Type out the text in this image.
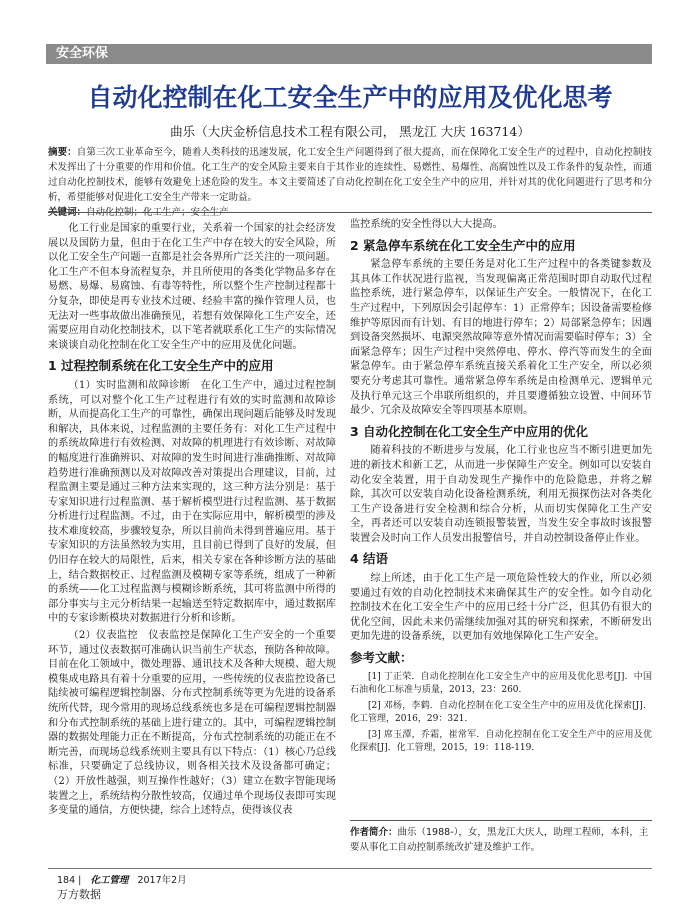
安全环保
自动化控制在化工安全生产中的应用及优化思考
曲乐（大庆金桥信息技术工程有限公司， 黑龙江 大庆 163714）
摘要：自第三次工业革命至今，随着人类科技的迅速发展，化工安全生产问题得到了很大提高，而在保障化工安全生产的过程中，自动化控制技术发挥出了十分重要的作用和价值。化工生产的安全风险主要来自于其作业的连续性、易燃性、易爆性、高腐蚀性以及工作条件的复杂性，而通过自动化控制技术，能够有效避免上述危险的发生。本文主要简述了自动化控制在化工安全生产中的应用，并针对其的优化问题进行了思考和分析，希望能够对促进化工安全生产带来一定助益。
关键词：自动化控制；化工生产；安全生产

化工行业是国家的重要行业，关系着一个国家的社会经济发展以及国防力量，但由于在化工生产中存在较大的安全风险，所以化工安全生产问题一直都是社会各界所广泛关注的一项问题。化工生产不但本身流程复杂，并且所使用的各类化学物品多存在易燃、易爆、易腐蚀、有毒等特性，所以整个生产控制过程都十分复杂，即使是再专业技术过硬、经验丰富的操作管理人员，也无法对一些事故做出准确预见，若想有效保障化工生产安全，还需要应用自动化控制技术，以下笔者就联系化工生产的实际情况来谈谈自动化控制在化工安全生产中的应用及优化问题。

1 过程控制系统在化工安全生产中的应用

（1）实时监测和故障诊断　在化工生产中，通过过程控制系统，可以对整个化工生产过程进行有效的实时监测和故障诊断，从而提高化工生产的可靠性，确保出现问题后能够及时发现和解决，具体来说，过程监测的主要任务有：对化工生产过程中的系统故障进行有效检测、对故障的机理进行有效诊断、对故障的幅度进行准确辨识、对故障的发生时间进行准确推断、对故障趋势进行准确预测以及对故障改善对策提出合理建议，目前，过程监测主要是通过三种方法来实现的，这三种方法分别是：基于专家知识进行过程监测、基于解析模型进行过程监测、基于数据分析进行过程监测。不过，由于在实际应用中，解析模型的涉及技术难度较高，步骤较复杂，所以目前尚未得到普遍应用。基于专家知识的方法虽然较为实用，且目前已得到了良好的发展，但仍旧存在较大的局限性，后来，相关专家在各种诊断方法的基础上，结合数据校正、过程监测及模糊专家等系统，组成了一种新的系统——化工过程监测与模糊诊断系统，其可将监测中所得的部分事实与主元分析结果一起输送至特定数据库中，通过数据库中的专家诊断模块对数据进行分析和诊断。

（2）仪表监控　仪表监控是保障化工生产安全的一个重要环节，通过仪表数据可准确认识当前生产状态，预防各种故障。目前在化工领域中，微处理器、通讯技术及各种大规模、超大规模集成电路具有着十分重要的应用，一些传统的仪表监控设备已陆续被可编程逻辑控制器、分布式控制系统等更为先进的设备系统所代替，现今常用的现场总线系统也多是在可编程逻辑控制器和分布式控制系统的基础上进行建立的。其中，可编程逻辑控制器的数据处理能力正在不断提高，分布式控制系统的功能正在不断完善，而现场总线系统则主要具有以下特点：（1）核心乃总线标准，只要确定了总线协议，则各相关技术及设备都可确定；（2）开放性越强，则互操作性越好；（3）建立在数字智能现场装置之上，系统结构分散性较高，仅通过单个现场仪表即可实现多变量的通信，方便快捷，综合上述特点，使得该仪表

监控系统的安全性得以大大提高。

2 紧急停车系统在化工安全生产中的应用

紧急停车系统的主要任务是对化工生产过程中的各类键参数及其具体工作状况进行监视，当发现偏离正常范围时即自动取代过程监控系统，进行紧急停车，以保证生产安全。一般情况下，在化工生产过程中，下列原因会引起停车：1）正常停车；因设备需要检修维护等原因而有计划、有目的地进行停车；2）局部紧急停车；因遇到设备突然损坏、电源突然故障等意外情况而需要临时停车；3）全面紧急停车；因生产过程中突然停电、停水、停汽等而发生的全面紧急停车。由于紧急停车系统直接关系着化工生产安全，所以必须要充分考虑其可靠性。通常紧急停车系统是由检测单元、逻辑单元及执行单元这三个串联所组织的，并且要遵循独立设置、中间环节最少、冗余及故障安全等四项基本原则。

3 自动化控制在化工安全生产中应用的优化

随着科技的不断进步与发展，化工行业也应当不断引进更加先进的新技术和新工艺，从而进一步保障生产安全。例如可以安装自动化安全装置，用于自动发现生产操作中的危险隐患，并将之解除，其次可以安装自动化设备检测系统，利用无损探伤法对各类化工生产设备进行安全检测和综合分析，从而切实保障化工生产安全，再者还可以安装自动连锁报警装置，当发生安全事故时该报警装置会及时向工作人员发出报警信号，并自动控制设备停止作业。

4 结语

综上所述，由于化工生产是一项危险性较大的作业，所以必须要通过有效的自动化控制技术来确保其生产的安全性。如今自动化控制技术在化工安全生产中的应用已经十分广泛，但其仍有很大的优化空间，因此未来仍需继续加强对其的研究和探索，不断研发出更加先进的设备系统，以更加有效地保障化工生产安全。

参考文献：

[1] 丁正荣．自动化控制在化工安全生产中的应用及优化思考[J]．中国石油和化工标准与质量，2013，23：260．

[2] 邓杨，李鹤．自动化控制在化工安全生产中的应用及优化探索[J]．化工管理，2016，29：321．

[3] 席玉潭，乔霜，崔常军．自动化控制在化工安全生产中的应用及优化探索[J]．化工管理，2015，19：118-119．

作者简介：曲乐（1988-），女，黑龙江大庆人，助理工程师，本科，主要从事化工自动控制系统改扩建及维护工作。
184 | 化工管理 2017年2月
万方数据
